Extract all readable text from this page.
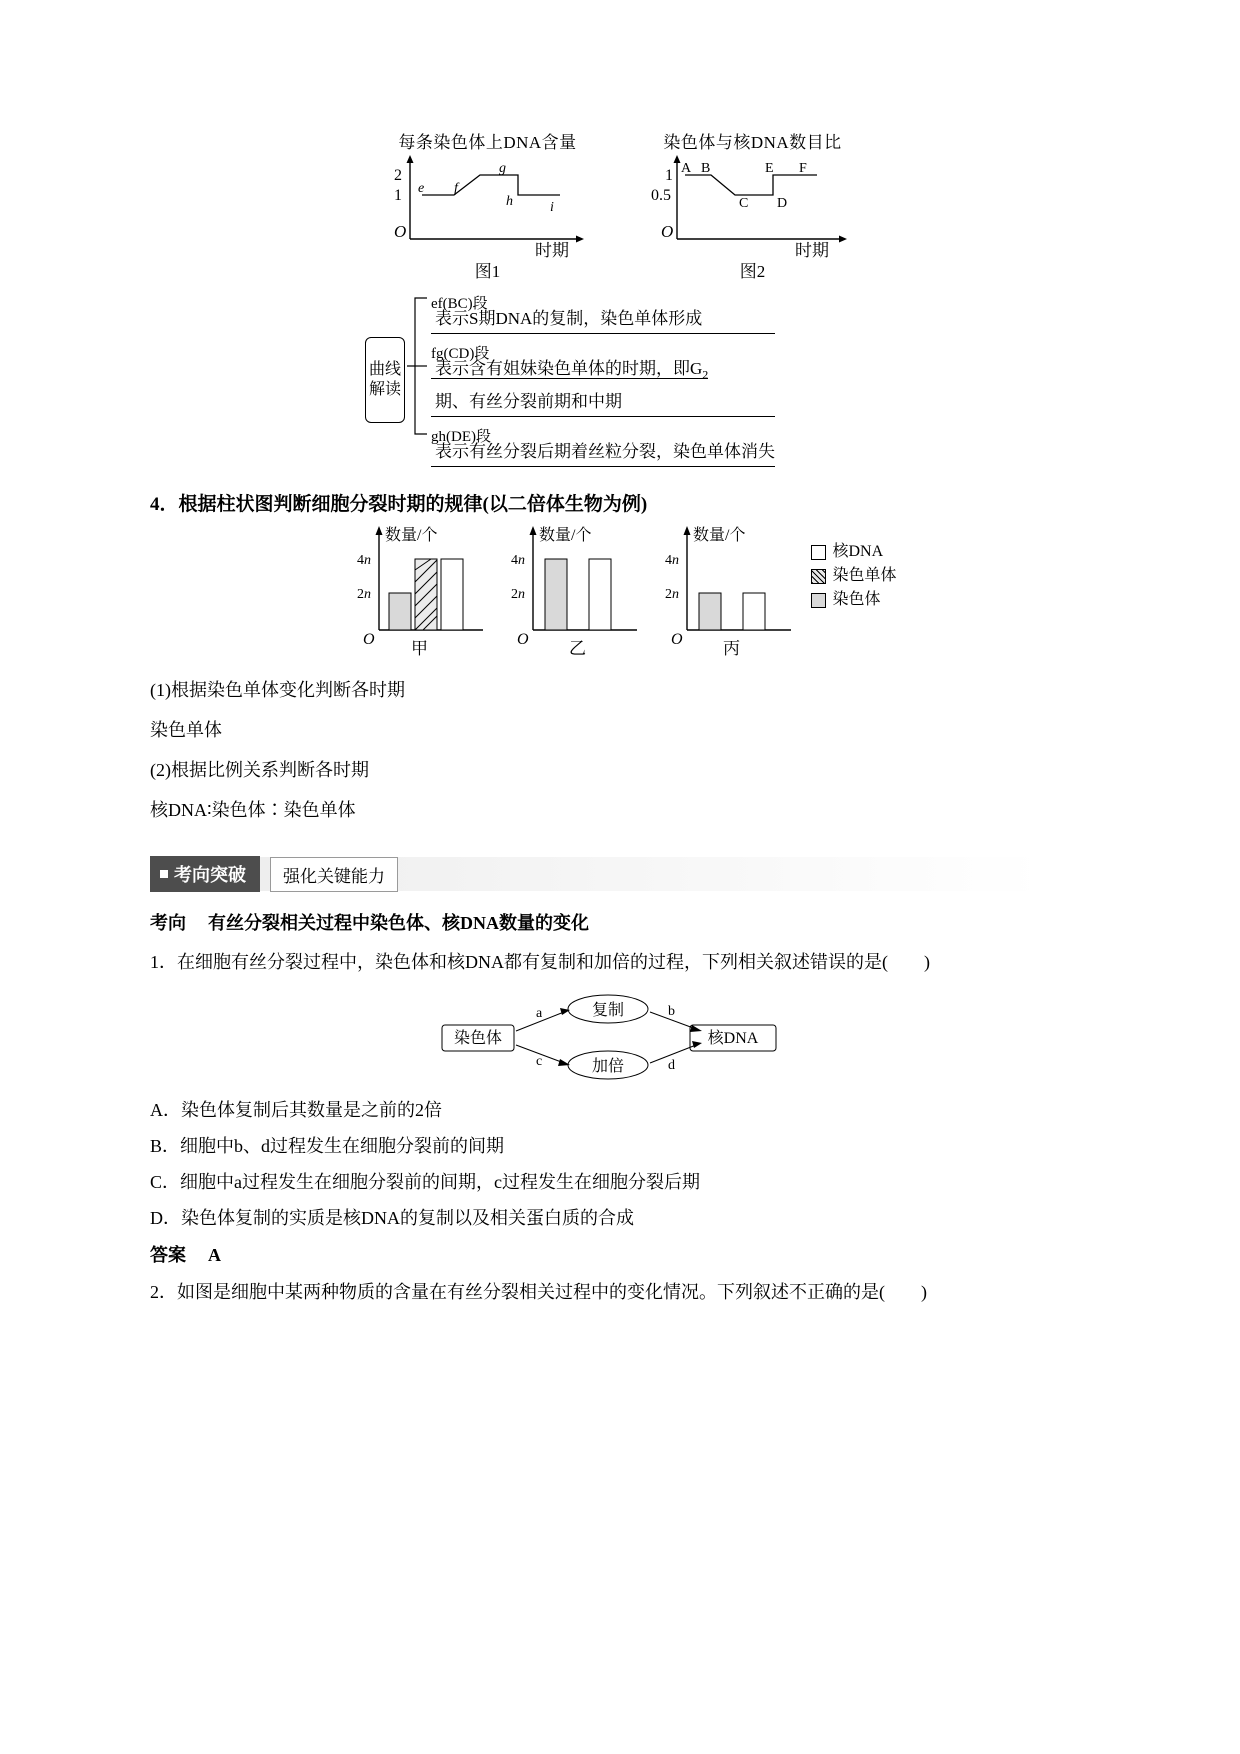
每条染色体上DNA含量
2
1
O
e f
g
h	i
时期
图1
染色体与核DNA数目比
1
0.5
O
A B
C D
E F
时期
图2
曲线解读
ef(BC)段
表示S期DNA的复制，染色单体形成
fg(CD)段
表示含有姐妹染色单体的时期，即$G_2$
期、有丝分裂前期和中期
gh(DE)段
表示有丝分裂后期着丝粒分裂，染色单体消失
4．根据柱状图判断细胞分裂时期的规律(以二倍体生物为例)
数量/个
4n
2n
O 甲
数量/个
4n
2n
O 乙
数量/个
4n
2n
O 丙
核DNA
染色单体
染色体

(1)根据染色单体变化判断各时期

染色单体

(2)根据比例关系判断各时期

核DNA∶染色体∶染色单体

考向突破	强化关键能力
考向 有丝分裂相关过程中染色体、核DNA数量的变化

1．在细胞有丝分裂过程中，染色体和核DNA都有复制和加倍的过程，下列相关叙述错误的是(　　)

染色体	核DNA
复制
加倍
a	b
c	d

A．染色体复制后其数量是之前的2倍

B．细胞中b、d过程发生在细胞分裂前的间期

C．细胞中a过程发生在细胞分裂前的间期，c过程发生在细胞分裂后期

D．染色体复制的实质是核DNA的复制以及相关蛋白质的合成

答案 A

2．如图是细胞中某两种物质的含量在有丝分裂相关过程中的变化情况。下列叙述不正确的是(　　)
